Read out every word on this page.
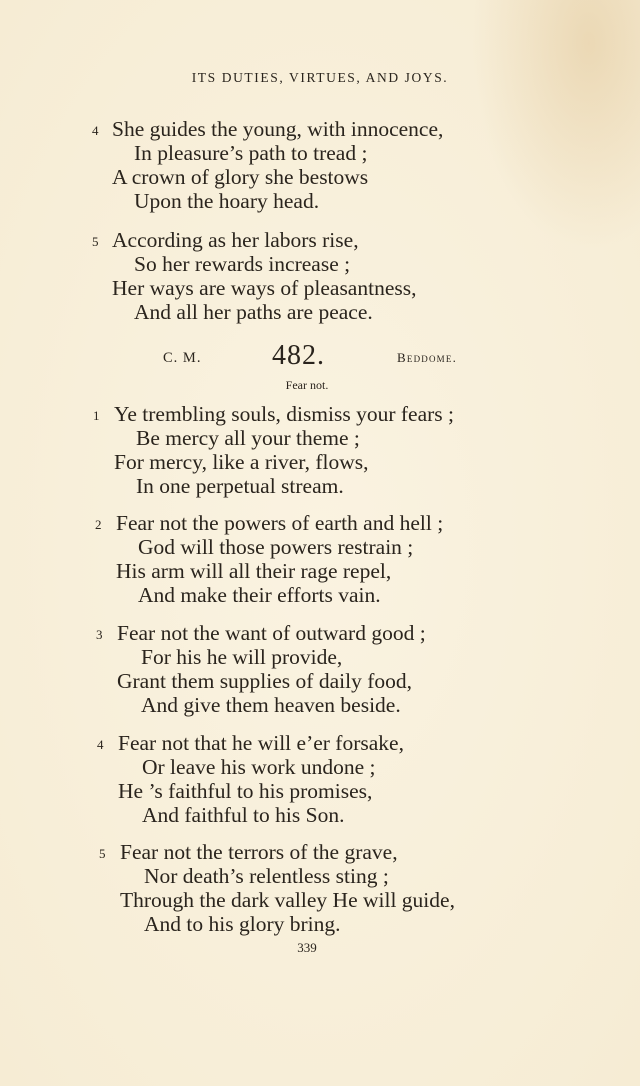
ITS DUTIES, VIRTUES, AND JOYS.
4 She guides the young, with innocence,
In pleasure’s path to tread ;
A crown of glory she bestows
Upon the hoary head.
5 According as her labors rise,
So her rewards increase ;
Her ways are ways of pleasantness,
And all her paths are peace.
C. M.	482.	Beddome.
Fear not.
1 Ye trembling souls, dismiss your fears ;
Be mercy all your theme ;
For mercy, like a river, flows,
In one perpetual stream.
2 Fear not the powers of earth and hell ;
God will those powers restrain ;
His arm will all their rage repel,
And make their efforts vain.
3 Fear not the want of outward good ;
For his he will provide,
Grant them supplies of daily food,
And give them heaven beside.
4 Fear not that he will e’er forsake,
Or leave his work undone ;
He ’s faithful to his promises,
And faithful to his Son.
5 Fear not the terrors of the grave,
Nor death’s relentless sting ;
Through the dark valley He will guide,
And to his glory bring.
339
